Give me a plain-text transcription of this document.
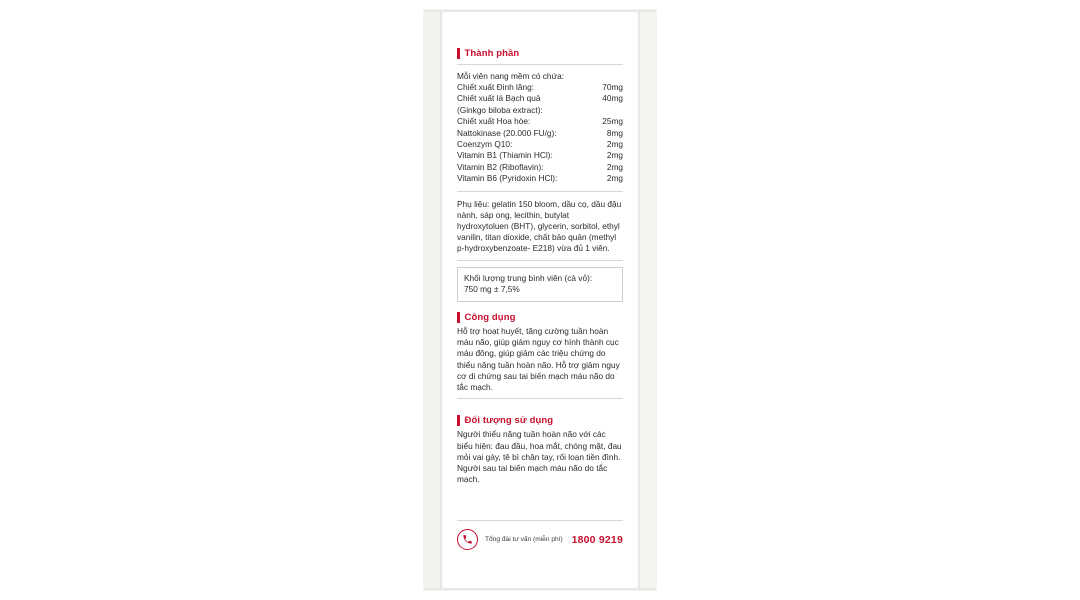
Thành phần
Mỗi viên nang mềm có chứa:
Chiết xuất Đinh lăng:	70mg
Chiết xuất lá Bạch quả	40mg
(Ginkgo biloba extract):
Chiết xuất Hoa hòe:	25mg
Nattokinase (20.000 FU/g):	8mg
Coenzym Q10:	2mg
Vitamin B1 (Thiamin HCl):	2mg
Vitamin B2 (Riboflavin):	2mg
Vitamin B6 (Pyridoxin HCl):	2mg
Phụ liệu: gelatin 150 bloom, dầu cọ, dầu đậu nành, sáp ong, lecithin, butylat hydroxytoluen (BHT), glycerin, sorbitol, ethyl vanilin, titan dioxide, chất bảo quản (methyl p-hydroxybenzoate- E218) vừa đủ 1 viên.
Khối lượng trung bình viên (cả vỏ):
750 mg ± 7,5%
Công dụng
Hỗ trợ hoạt huyết, tăng cường tuần hoàn máu não, giúp giảm nguy cơ hình thành cục máu đông, giúp giảm các triệu chứng do thiểu năng tuần hoàn não. Hỗ trợ giảm nguy cơ di chứng sau tai biến mạch máu não do tắc mạch.
Đối tượng sử dụng
Người thiểu năng tuần hoàn não với các biểu hiện: đau đầu, hoa mắt, chóng mặt, đau mỏi vai gáy, tê bì chân tay, rối loạn tiền đình. Người sau tai biến mạch máu não do tắc mạch.
Tổng đài tư vấn (miễn phí) 1800 9219
